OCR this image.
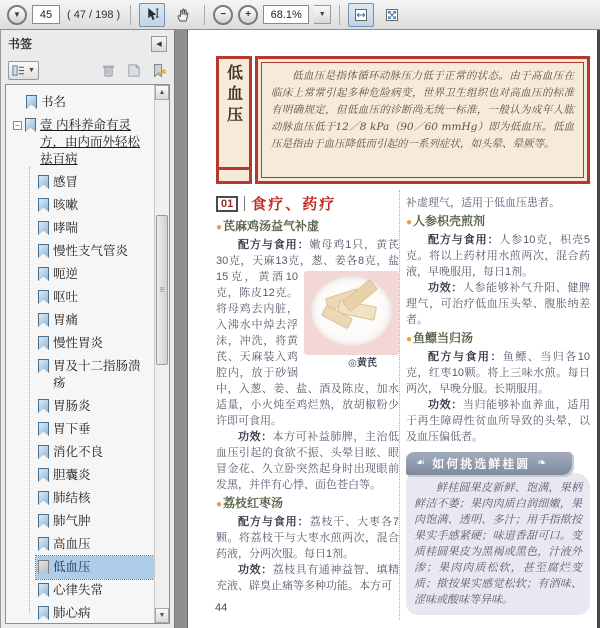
▼
45	( 47 / 198 )	− +
68.1%	▼
书签	◀
▼
书名
−	壹 内科养命有灵方，由内而外轻松祛百病
感冒
咳嗽
哮喘
慢性支气管炎
呃逆
呕吐
胃痛
慢性胃炎
胃及十二指肠溃疡
胃肠炎
胃下垂
消化不良
胆囊炎
肺结核
肺气肿
高血压
低血压
心律失常
肺心病
▲
≡
▼
低血压	低血压是指体循环动脉压力低于正常的状态。由于高血压在临床上常常引起多种危险病变，世界卫生组织也对高血压的标准有明确规定，但低血压的诊断尚无统一标准，一般认为成年人肱动脉血压低于12／8 kPa（90／60 mmHg）即为低血压。低血压是指由于血压降低而引起的一系列症状，如头晕、晕厥等。

01	食疗、药疗
●芪麻鸡汤益气补虚

配方与食用：嫩母鸡1只，黄芪30克，天麻13克，葱、
◎黄芪
姜各8克，盐15克，黄酒10克，陈皮12克。将母鸡去内脏，入沸水中焯去浮沫，冲洗，将黄芪、天麻装入鸡腔内，放于砂锅中，入葱、姜、盐、酒及陈皮，加水适量，小火炖至鸡烂熟，放胡椒粉少许即可食用。

功效：本方可补益肺脾，主治低血压引起的食欲不振、头晕目眩、眼冒金花、久立卧突然起身时出现眼前发黑，并伴有心悸、面色苍白等。

●荔枝红枣汤

配方与食用：荔枝干、大枣各7颗。将荔枝干与大枣水煎两次，混合药液，分两次服。每日1剂。

功效：荔枝具有通神益智、填精充液、辟臭止痛等多种功能。本方可

补虚理气，适用于低血压患者。

●人参枳壳煎剂

配方与食用：人参10克，枳壳5克。将以上药材用水煎两次，混合药液，早晚服用，每日1剂。

功效：人参能够补气升阳、健脾理气，可治疗低血压头晕、腹胀纳差者。

●鱼鳔当归汤

配方与食用：鱼鳔、当归各10克，红枣10颗。将上三味水煎。每日两次，早晚分服。长期服用。

功效：当归能够补血养血，适用于再生障碍性贫血所导致的头晕，以及血压偏低者。

❧ 如何挑选鲜桂圆 ❧

鲜桂圆果皮新鲜、饱满，果柄鲜洁不萎；果肉肉质白润细嫩，果肉饱满、透明、多汁；用手指揿按果实手感紧硬；味道香甜可口。变质桂圆果皮为黑褐或黑色，汁液外渗；果肉肉质松软，甚至腐烂变质；揿按果实感觉松软；有酒味、涩味或酸味等异味。

44
